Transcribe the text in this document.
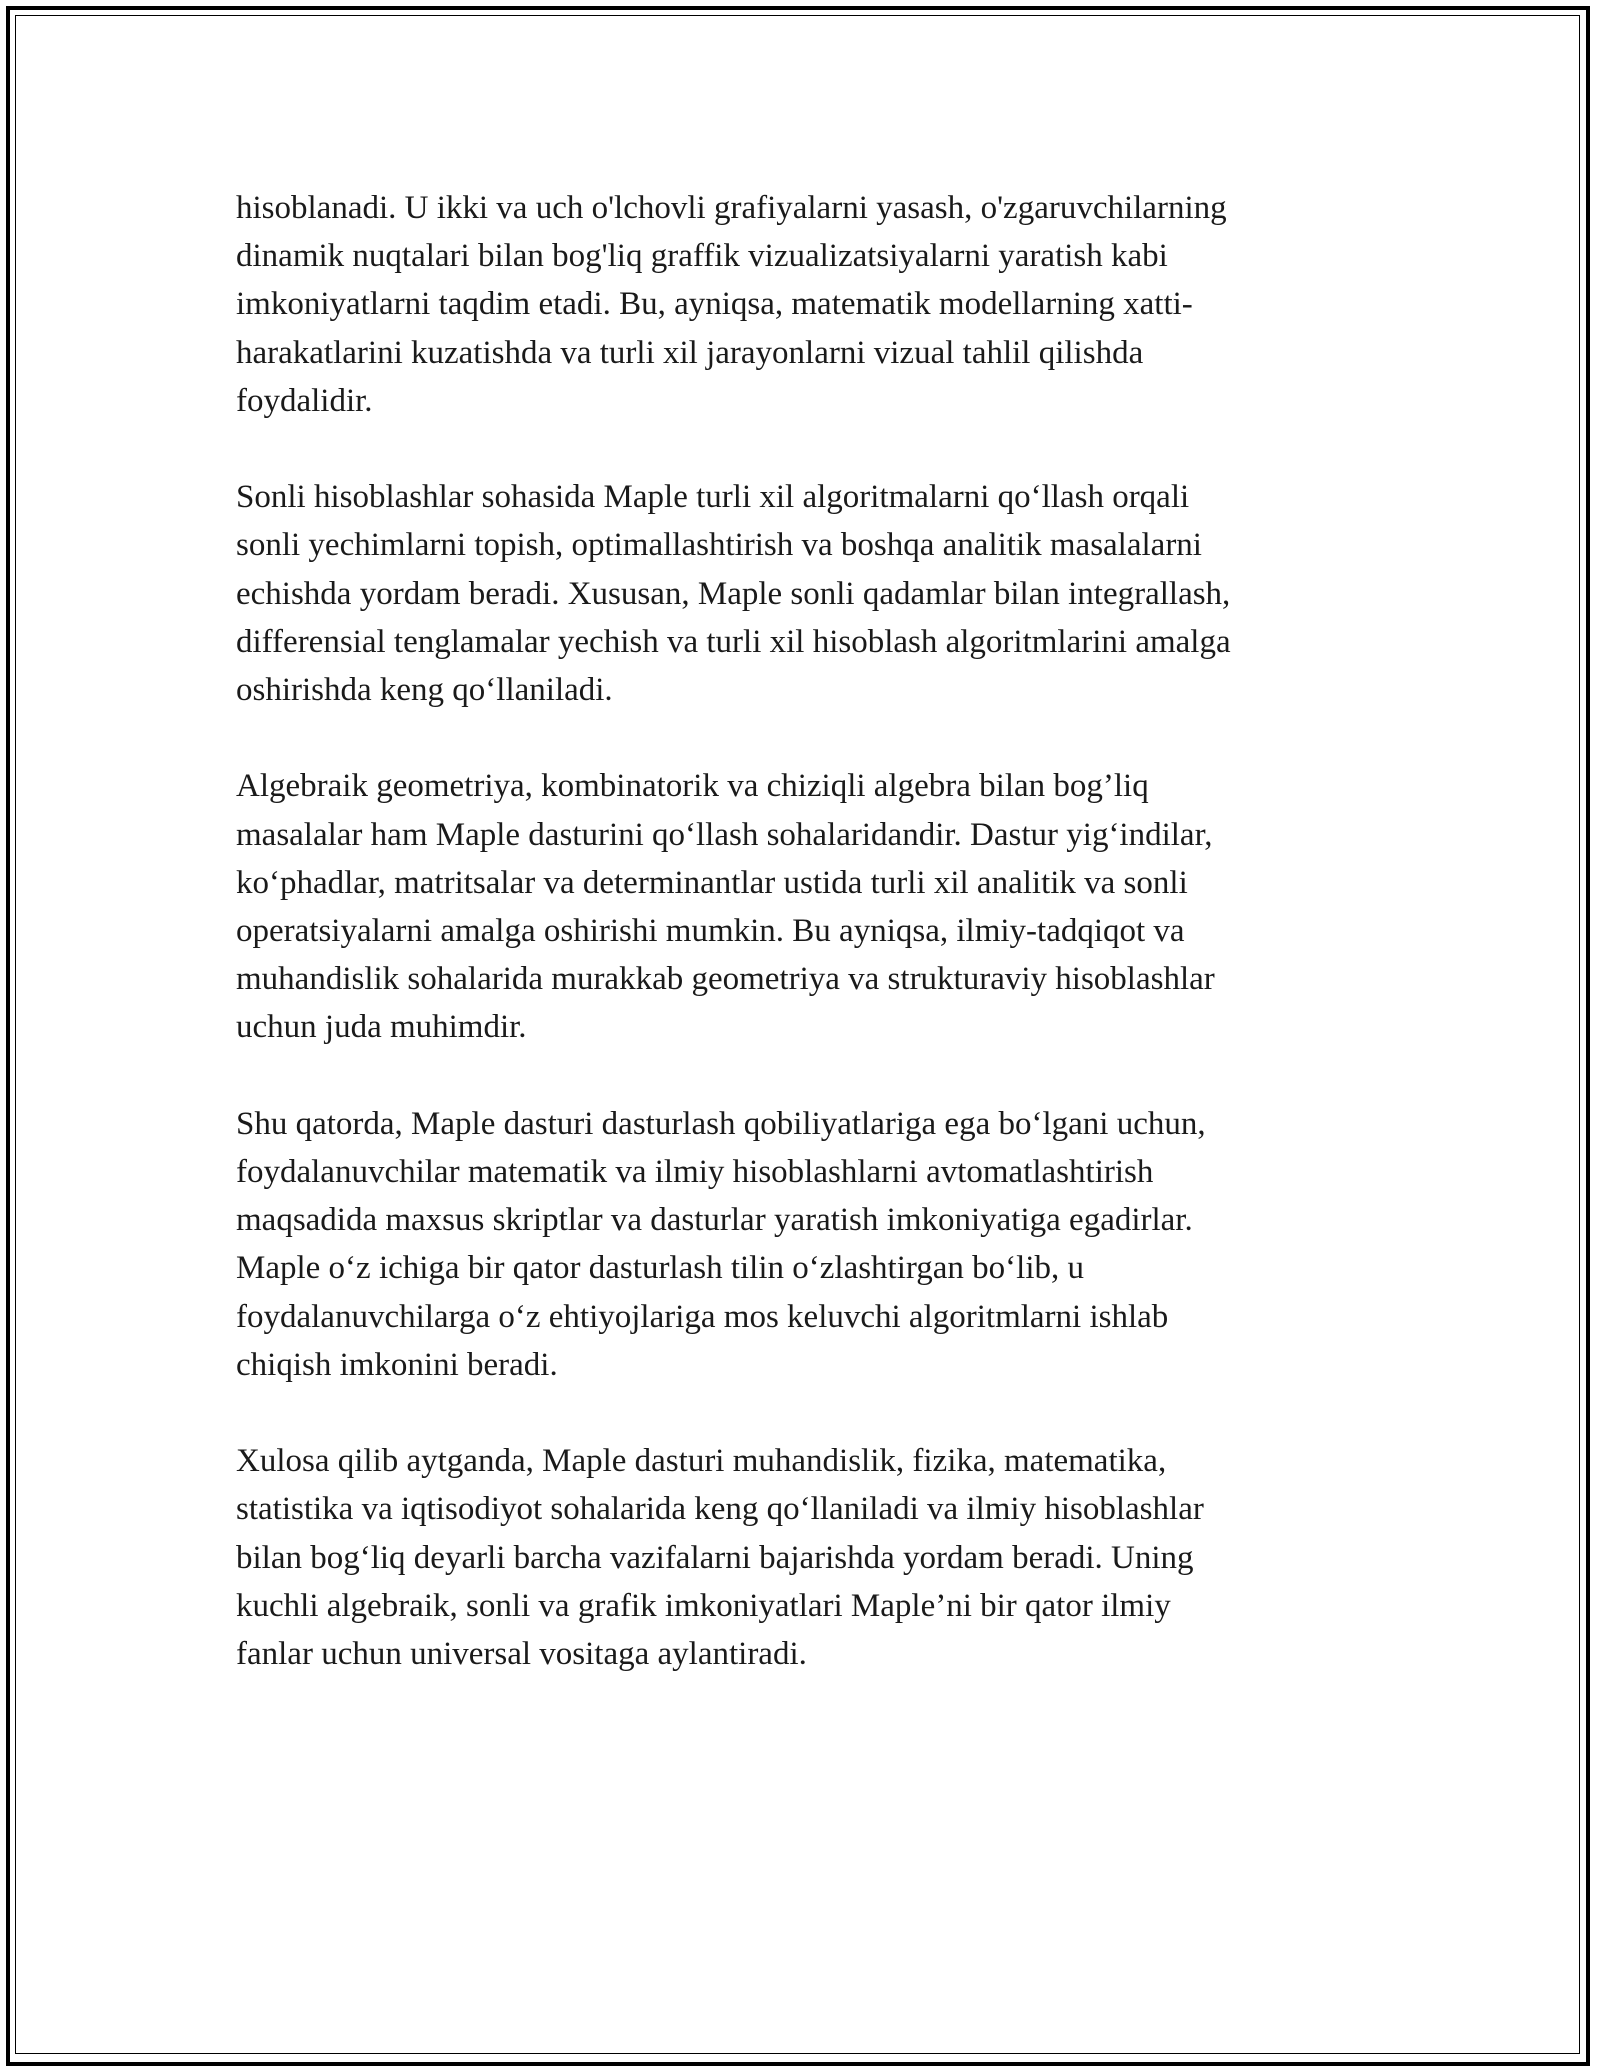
hisoblanadi. U ikki va uch o'lchovli grafiyalarni yasash, o'zgaruvchilarning
dinamik nuqtalari bilan bog'liq graffik vizualizatsiyalarni yaratish kabi
imkoniyatlarni taqdim etadi. Bu, ayniqsa, matematik modellarning xatti-
harakatlarini kuzatishda va turli xil jarayonlarni vizual tahlil qilishda
foydalidir.

Sonli hisoblashlar sohasida Maple turli xil algoritmalarni qo‘llash orqali
sonli yechimlarni topish, optimallashtirish va boshqa analitik masalalarni
echishda yordam beradi. Xususan, Maple sonli qadamlar bilan integrallash,
differensial tenglamalar yechish va turli xil hisoblash algoritmlarini amalga
oshirishda keng qo‘llaniladi.

Algebraik geometriya, kombinatorik va chiziqli algebra bilan bog’liq
masalalar ham Maple dasturini qo‘llash sohalaridandir. Dastur yig‘indilar,
ko‘phadlar, matritsalar va determinantlar ustida turli xil analitik va sonli
operatsiyalarni amalga oshirishi mumkin. Bu ayniqsa, ilmiy-tadqiqot va
muhandislik sohalarida murakkab geometriya va strukturaviy hisoblashlar
uchun juda muhimdir.

Shu qatorda, Maple dasturi dasturlash qobiliyatlariga ega bo‘lgani uchun,
foydalanuvchilar matematik va ilmiy hisoblashlarni avtomatlashtirish
maqsadida maxsus skriptlar va dasturlar yaratish imkoniyatiga egadirlar.
Maple o‘z ichiga bir qator dasturlash tilin o‘zlashtirgan bo‘lib, u
foydalanuvchilarga o‘z ehtiyojlariga mos keluvchi algoritmlarni ishlab
chiqish imkonini beradi.

Xulosa qilib aytganda, Maple dasturi muhandislik, fizika, matematika,
statistika va iqtisodiyot sohalarida keng qo‘llaniladi va ilmiy hisoblashlar
bilan bog‘liq deyarli barcha vazifalarni bajarishda yordam beradi. Uning
kuchli algebraik, sonli va grafik imkoniyatlari Maple’ni bir qator ilmiy
fanlar uchun universal vositaga aylantiradi.
